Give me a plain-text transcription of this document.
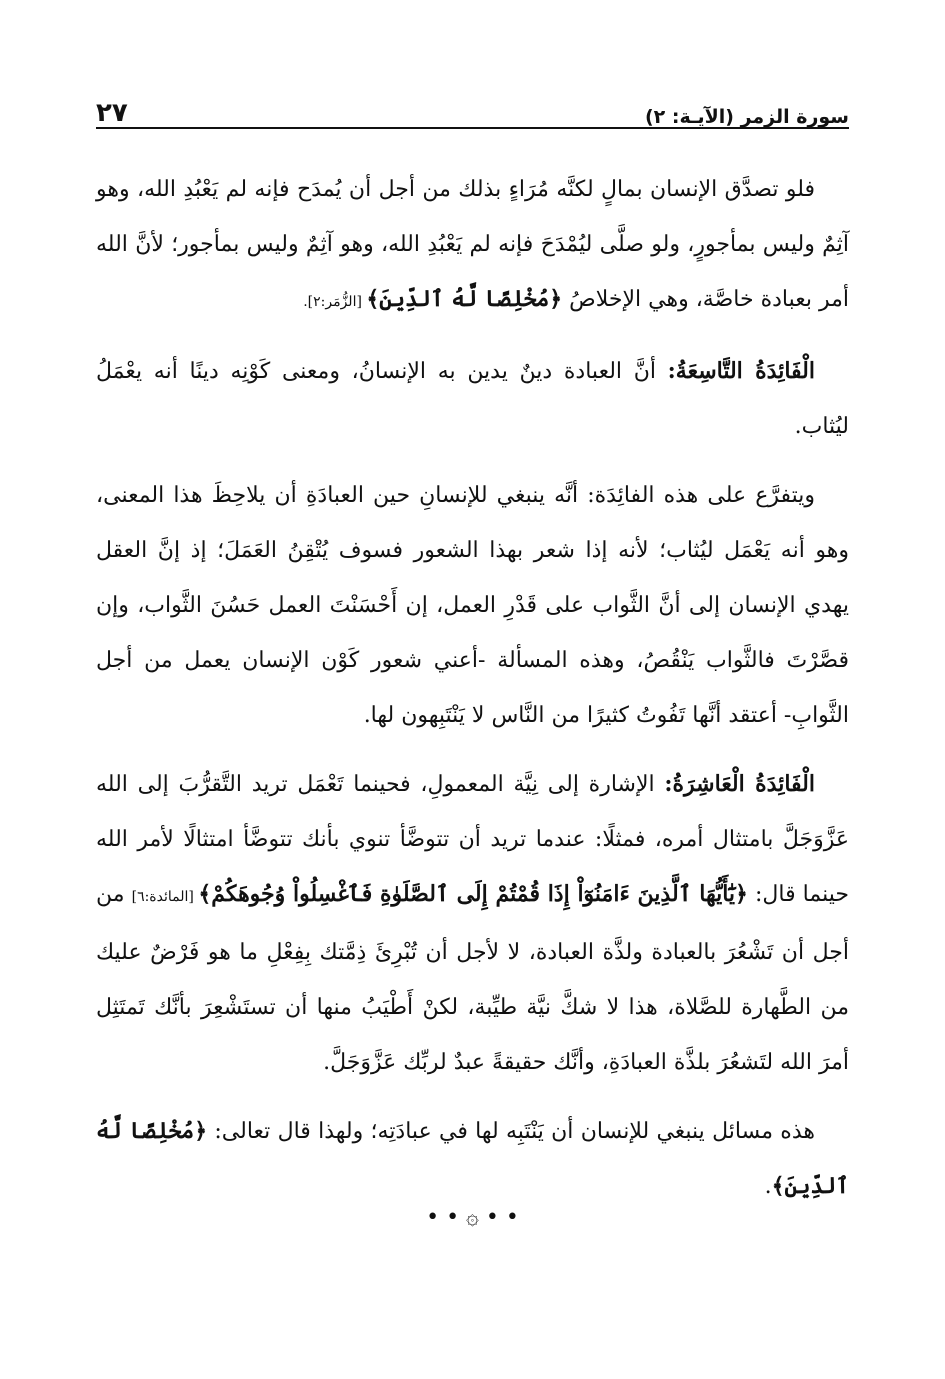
سورة الزمر (الآيـة: ٢)
٢٧

فلو تصدَّق الإنسان بمالٍ لكنَّه مُرَاءٍ بذلك من أجل أن يُمدَح فإنه لم يَعْبُدِ الله، وهو آثِمٌ وليس بمأجورٍ، ولو صلَّى ليُمْدَحَ فإنه لم يَعْبُدِ الله، وهو آثِمٌ وليس بمأجور؛ لأنَّ الله أمر بعبادة خاصَّة، وهي الإخلاصُ ﴿مُخْلِصًا لَّهُ ٱلدِّينَ﴾ [الزُّمَر:٢].

الْفَائِدَةُ التَّاسِعَةُ: أنَّ العبادة دينٌ يدين به الإنسانُ، ومعنى كَوْنِه دينًا أنه يعْمَلُ ليُثاب.

ويتفرَّع على هذه الفائِدَة: أنَّه ينبغي للإنسانِ حين العبادَةِ أن يلاحِظَ هذا المعنى، وهو أنه يَعْمَل ليُثاب؛ لأنه إذا شعر بهذا الشعور فسوف يُتْقِنُ العَمَلَ؛ إذ إنَّ العقل يهدي الإنسان إلى أنَّ الثَّواب على قَدْرِ العمل، إن أَحْسَنْتَ العمل حَسُنَ الثَّواب، وإن قصَّرْتَ فالثَّواب يَنْقُصُ، وهذه المسألة -أعني شعور كَوْن الإنسان يعمل من أجل الثَّوابِ- أعتقد أنَّها تَفُوتُ كثيرًا من النَّاس لا يَنْتَبِهون لها.

الْفَائِدَةُ الْعَاشِرَةُ: الإشارة إلى نِيَّة المعمولِ، فحينما تَعْمَل تريد التَّقرُّبَ إلى الله عَزَّوَجَلَّ بامتثال أمره، فمثلًا: عندما تريد أن تتوضَّأ تنوي بأنك تتوضَّأ امتثالًا لأمر الله حينما قال: ﴿يَٰٓأَيُّهَا ٱلَّذِينَ ءَامَنُوٓاْ إِذَا قُمْتُمْ إِلَى ٱلصَّلَوٰةِ فَٱغْسِلُواْ وُجُوهَكُمْ﴾ [المائدة:٦] من أجل أن تَشْعُرَ بالعبادة ولذَّة العبادة، لا لأجل أن تُبْرِئَ ذِمَّتك بِفِعْلِ ما هو فَرْضٌ عليك من الطَّهارة للصَّلاة، هذا لا شكَّ نيَّة طيِّبة، لكنْ أَطْيَبُ منها أن تستَشْعِرَ بأنَّك تَمتَثِل أمرَ الله لتَشعُرَ بلذَّة العبادَةِ، وأنَّك حقيقةً عبدٌ لربِّك عَزَّوَجَلَّ.

هذه مسائل ينبغي للإنسان أن يَنْتَبِه لها في عبادَتِه؛ ولهذا قال تعالى: ﴿مُخْلِصًا لَّهُ ٱلدِّينَ﴾.

• • ۞ • •
